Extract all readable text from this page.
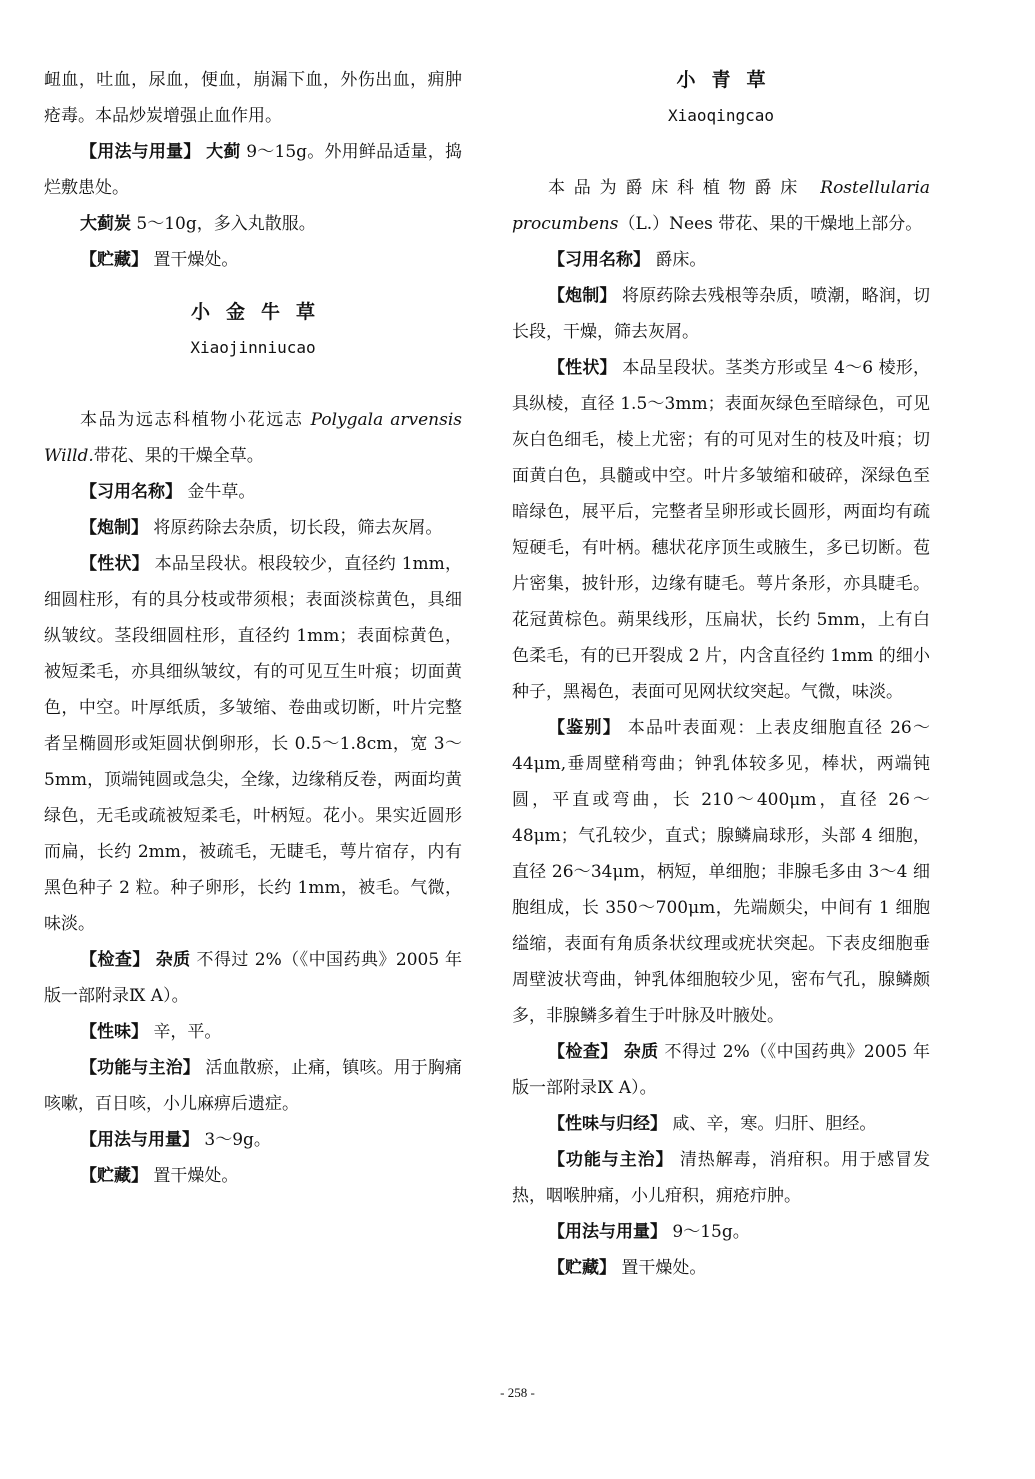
衄血，吐血，尿血，便血，崩漏下血，外伤出血，痈肿疮毒。本品炒炭增强止血作用。

【用法与用量】 大蓟 9～15g。外用鲜品适量，捣烂敷患处。

大蓟炭 5～10g，多入丸散服。

【贮藏】 置干燥处。

小金牛草

Xiaojinniucao

本品为远志科植物小花远志 Polygala arvensis Willd.带花、果的干燥全草。

【习用名称】 金牛草。

【炮制】 将原药除去杂质，切长段，筛去灰屑。

【性状】 本品呈段状。根段较少，直径约 1mm，细圆柱形，有的具分枝或带须根；表面淡棕黄色，具细纵皱纹。茎段细圆柱形，直径约 1mm；表面棕黄色，被短柔毛，亦具细纵皱纹，有的可见互生叶痕；切面黄色，中空。叶厚纸质，多皱缩、卷曲或切断，叶片完整者呈椭圆形或矩圆状倒卵形，长 0.5～1.8cm，宽 3～5mm，顶端钝圆或急尖，全缘，边缘稍反卷，两面均黄绿色，无毛或疏被短柔毛，叶柄短。花小。果实近圆形而扁，长约 2mm，被疏毛，无睫毛，萼片宿存，内有黑色种子 2 粒。种子卵形，长约 1mm，被毛。气微，味淡。

【检查】 杂质 不得过 2%（《中国药典》2005 年版一部附录Ⅸ A）。

【性味】 辛，平。

【功能与主治】 活血散瘀，止痛，镇咳。用于胸痛咳嗽，百日咳，小儿麻痹后遗症。

【用法与用量】 3～9g。

【贮藏】 置干燥处。

小青草

Xiaoqingcao

本品为爵床科植物爵床 Rostellularia procumbens（L.）Nees 带花、果的干燥地上部分。

【习用名称】 爵床。

【炮制】 将原药除去残根等杂质，喷潮，略润，切长段，干燥，筛去灰屑。

【性状】 本品呈段状。茎类方形或呈 4～6 棱形，具纵棱，直径 1.5～3mm；表面灰绿色至暗绿色，可见灰白色细毛，棱上尤密；有的可见对生的枝及叶痕；切面黄白色，具髓或中空。叶片多皱缩和破碎，深绿色至暗绿色，展平后，完整者呈卵形或长圆形，两面均有疏短硬毛，有叶柄。穗状花序顶生或腋生，多已切断。苞片密集，披针形，边缘有睫毛。萼片条形，亦具睫毛。花冠黄棕色。蒴果线形，压扁状，长约 5mm，上有白色柔毛，有的已开裂成 2 片，内含直径约 1mm 的细小种子，黑褐色，表面可见网状纹突起。气微，味淡。

【鉴别】 本品叶表面观：上表皮细胞直径 26～44μm,垂周壁稍弯曲；钟乳体较多见，棒状，两端钝圆，平直或弯曲，长 210～400μm，直径 26～48μm；气孔较少，直式；腺鳞扁球形，头部 4 细胞，直径 26～34μm，柄短，单细胞；非腺毛多由 3～4 细胞组成，长 350～700μm，先端颇尖，中间有 1 细胞缢缩，表面有角质条状纹理或疣状突起。下表皮细胞垂周壁波状弯曲，钟乳体细胞较少见，密布气孔，腺鳞颇多，非腺鳞多着生于叶脉及叶腋处。

【检查】 杂质 不得过 2%（《中国药典》2005 年版一部附录Ⅸ A）。

【性味与归经】 咸、辛，寒。归肝、胆经。

【功能与主治】 清热解毒，消疳积。用于感冒发热，咽喉肿痛，小儿疳积，痈疮疖肿。

【用法与用量】 9～15g。

【贮藏】 置干燥处。

- 258 -
